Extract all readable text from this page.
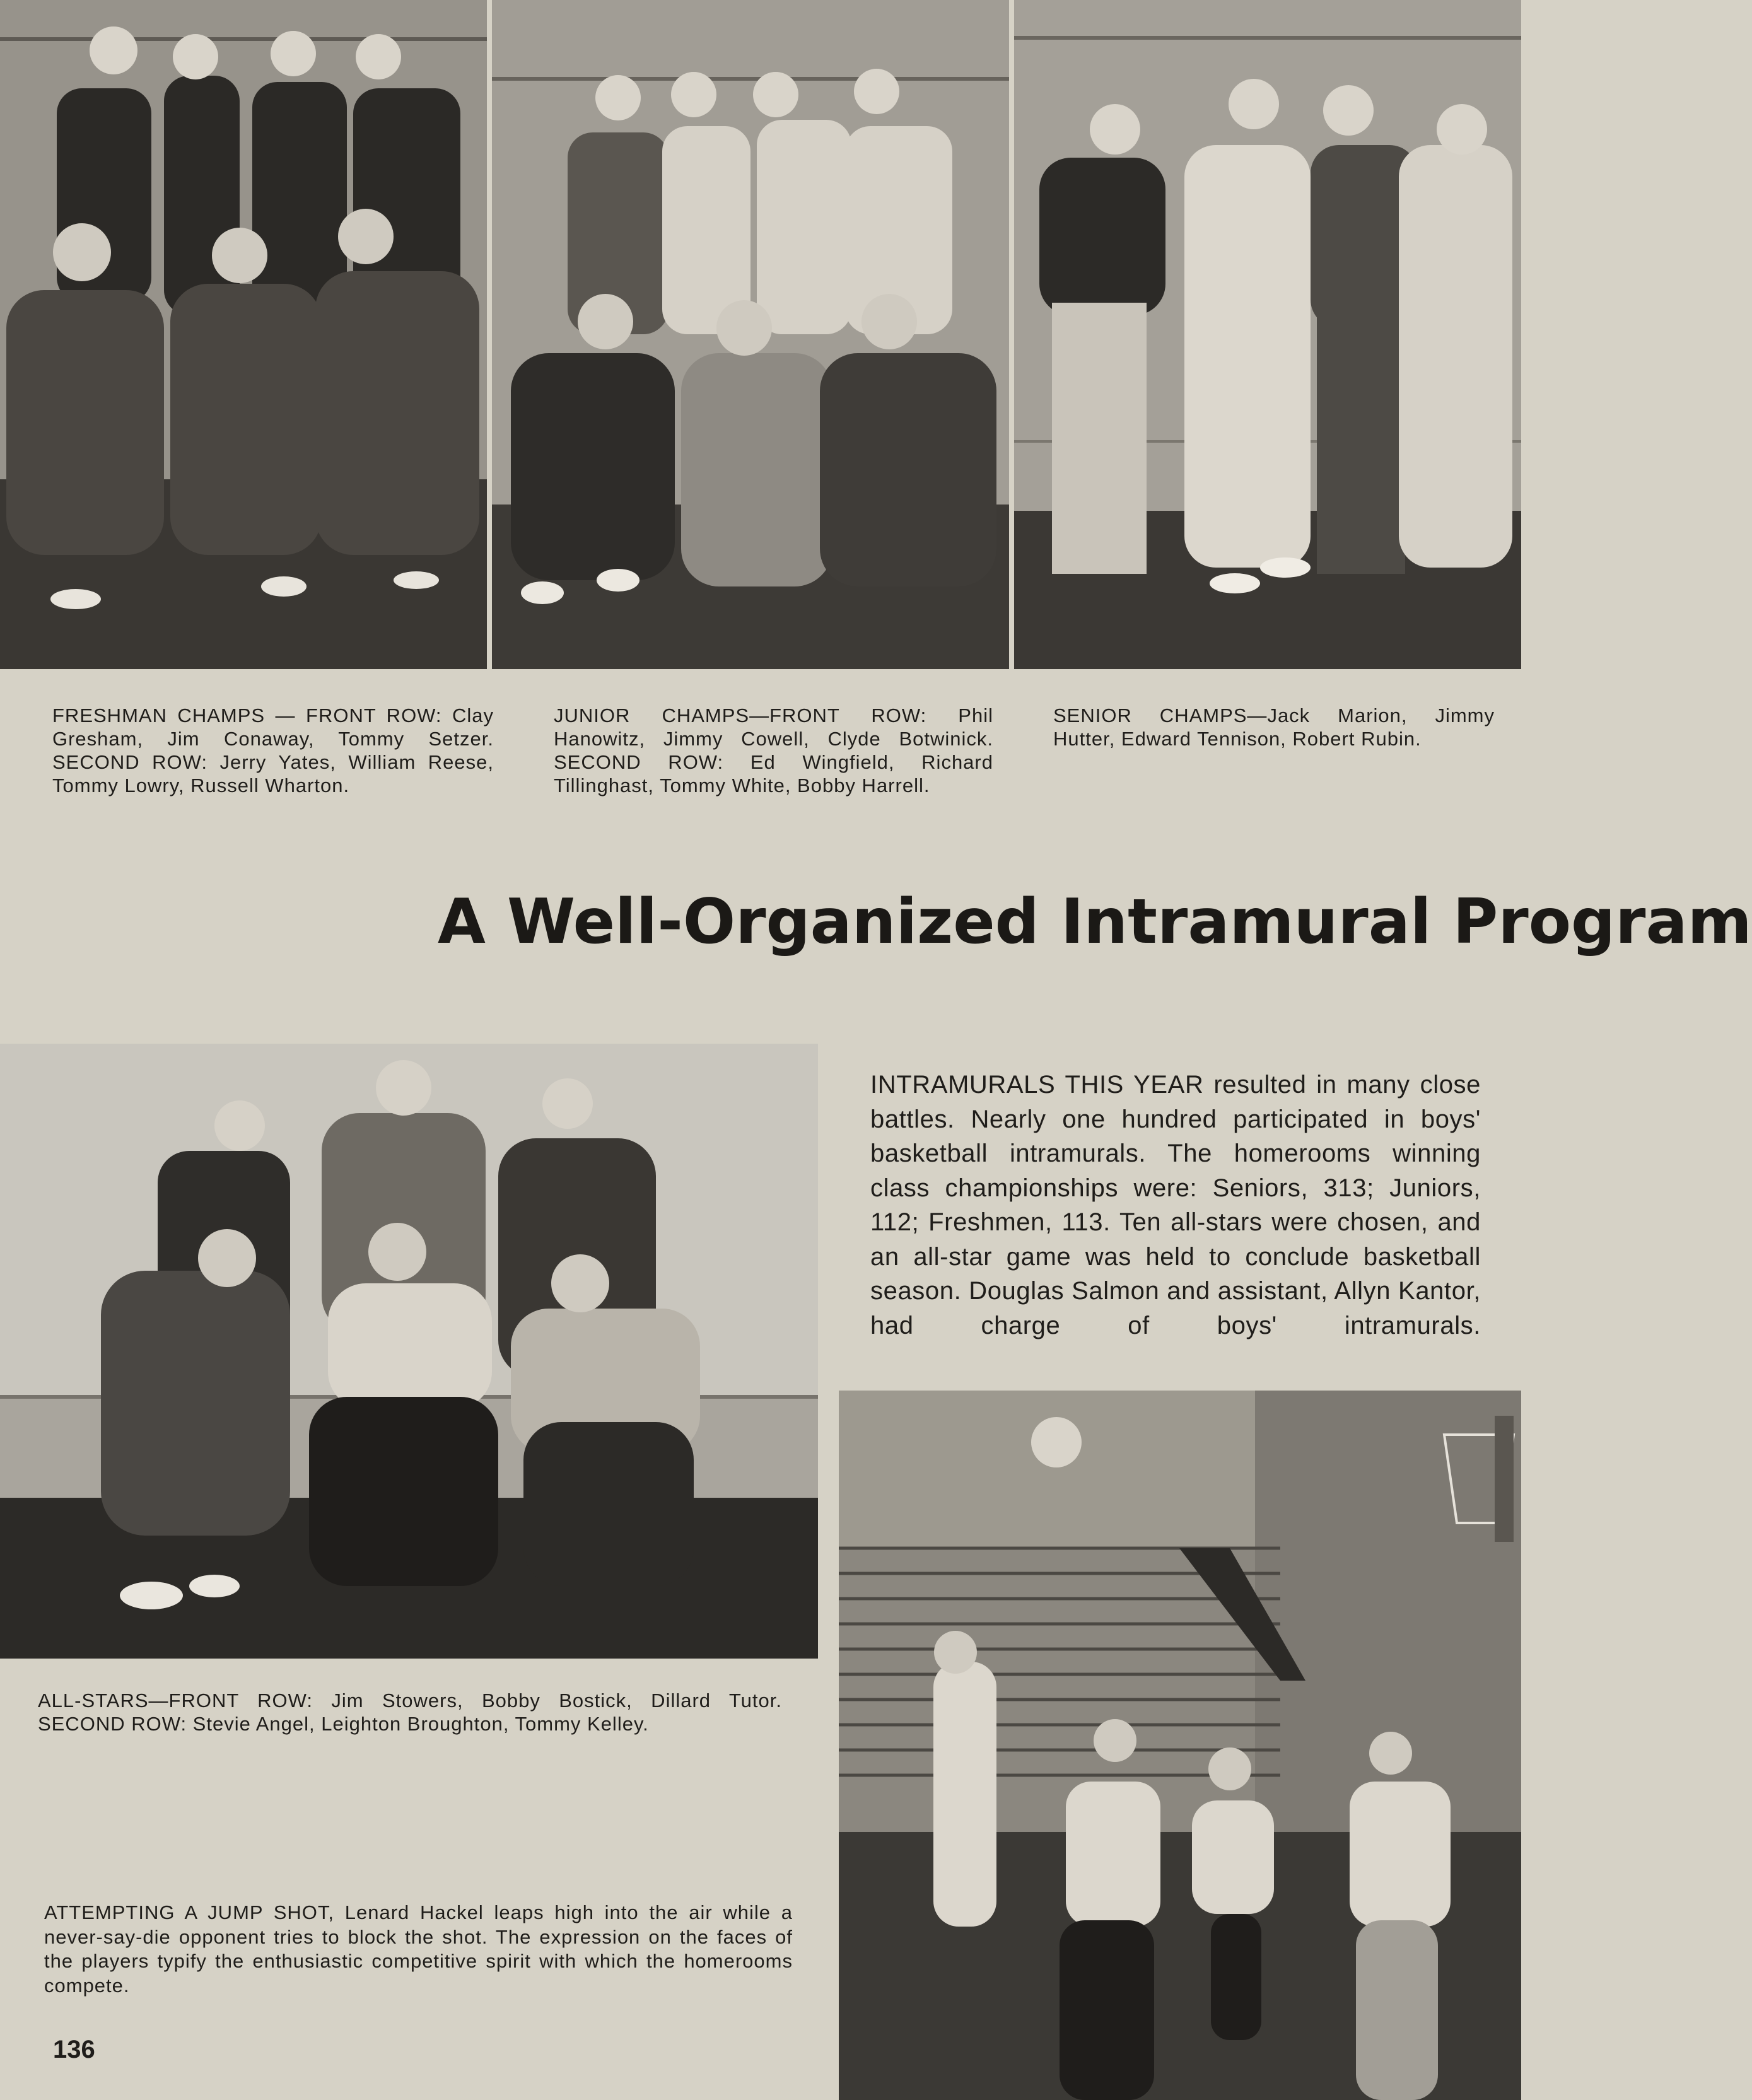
FRESHMAN CHAMPS — FRONT ROW: Clay Gresham, Jim Conaway, Tommy Setzer. SECOND ROW: Jerry Yates, William Reese, Tommy Lowry, Russell Wharton.

JUNIOR CHAMPS—FRONT ROW: Phil Hanowitz, Jimmy Cowell, Clyde Botwinick. SECOND ROW: Ed Wingfield, Richard Tillinghast, Tommy White, Bobby Harrell.

SENIOR CHAMPS—Jack Marion, Jimmy Hutter, Edward Tennison, Robert Rubin.

A Well-Organized Intramural Program

INTRAMURALS THIS YEAR resulted in many close battles. Nearly one hundred participated in boys' basketball intramurals. The homerooms winning class championships were: Seniors, 313; Juniors, 112; Freshmen, 113. Ten all-stars were chosen, and an all-star game was held to conclude basketball season. Douglas Salmon and assistant, Allyn Kantor, had charge of boys' intramurals.

ALL-STARS—FRONT ROW: Jim Stowers, Bobby Bostick, Dillard Tutor. SECOND ROW: Stevie Angel, Leighton Broughton, Tommy Kelley.

ATTEMPTING A JUMP SHOT, Lenard Hackel leaps high into the air while a never-say-die opponent tries to block the shot. The expression on the faces of the players typify the enthusiastic competitive spirit with which the homerooms compete.

136
